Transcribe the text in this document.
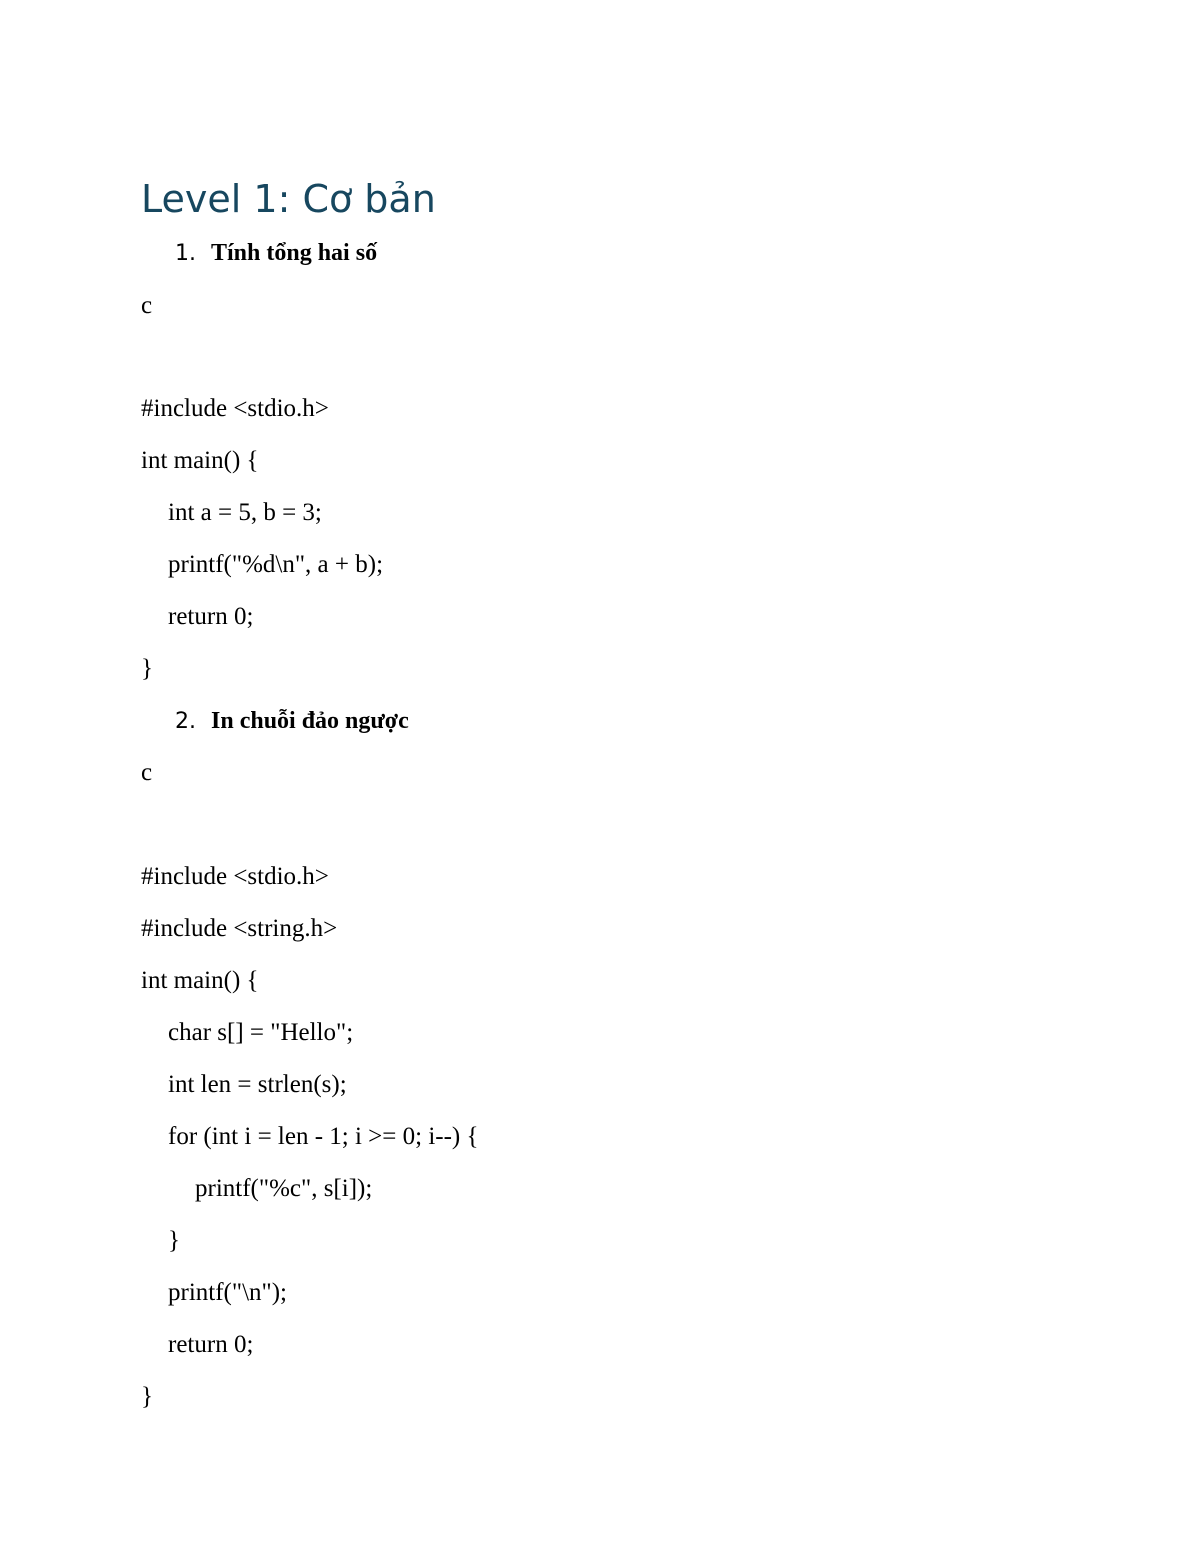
Level 1: Cơ bản
1. Tính tổng hai số
c
#include <stdio.h>
int main() {
int a = 5, b = 3;
printf("%d\n", a + b);
return 0;
}
2. In chuỗi đảo ngược
c
#include <stdio.h>
#include <string.h>
int main() {
char s[] = "Hello";
int len = strlen(s);
for (int i = len - 1; i >= 0; i--) {
printf("%c", s[i]);
}
printf("\n");
return 0;
}
